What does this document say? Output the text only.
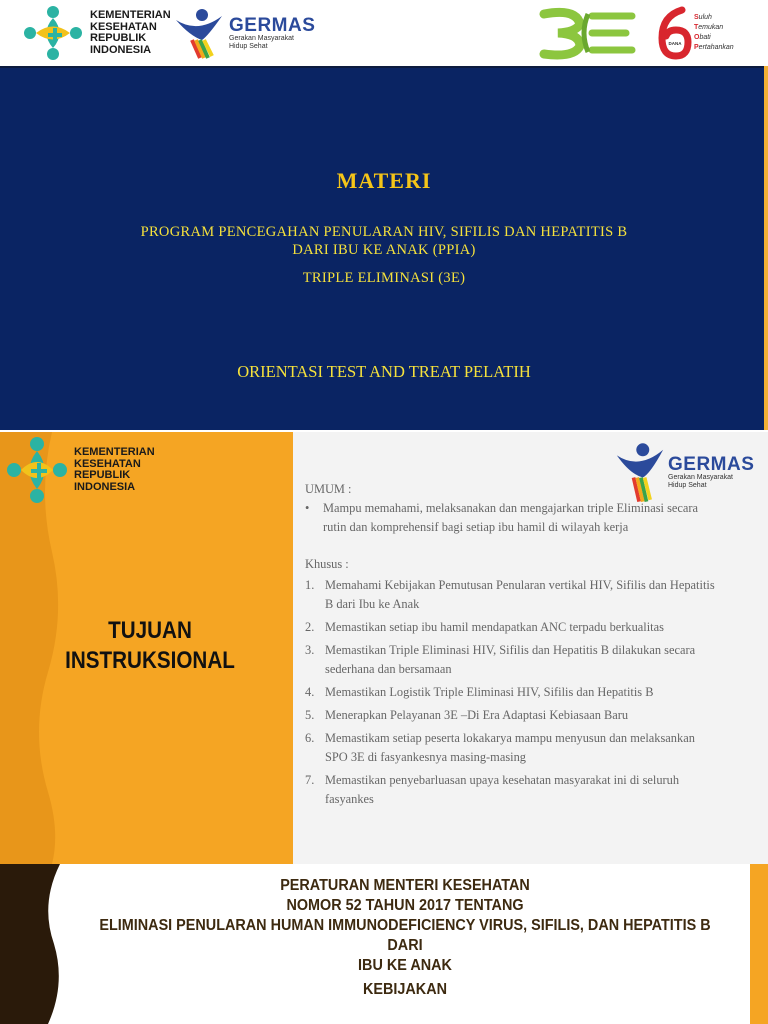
KEMENTERIAN
KESEHATAN
REPUBLIK
INDONESIA
GERMAS
Gerakan Masyarakat
Hidup Sehat	DANA
Suluh
Temukan
Obati
Pertahankan
MATERI
PROGRAM PENCEGAHAN PENULARAN HIV, SIFILIS DAN HEPATITIS B
DARI IBU KE ANAK (PPIA)
TRIPLE ELIMINASI (3E)
ORIENTASI TEST AND TREAT PELATIH
KEMENTERIAN
KESEHATAN
REPUBLIK
INDONESIA
TUJUAN
INSTRUKSIONAL
GERMAS
Gerakan Masyarakat
Hidup Sehat
UMUM :
•	Mampu memahami, melaksanakan dan mengajarkan triple Eliminasi secara rutin dan komprehensif bagi setiap ibu hamil di wilayah kerja
Khusus :
1. Memahami Kebijakan Pemutusan Penularan vertikal HIV, Sifilis dan Hepatitis B dari Ibu ke Anak
2. Memastikan setiap ibu hamil mendapatkan ANC terpadu berkualitas
3. Memastikan Triple Eliminasi HIV, Sifilis dan Hepatitis B dilakukan secara sederhana dan bersamaan
4. Memastikan Logistik Triple Eliminasi HIV, Sifilis dan Hepatitis B
5. Menerapkan Pelayanan 3E –Di Era Adaptasi Kebiasaan Baru
6. Memastikam setiap peserta lokakarya mampu menyusun dan melaksankan SPO 3E di fasyankesnya masing-masing
7. Memastikan penyebarluasan upaya kesehatan masyarakat ini di seluruh fasyankes
PERATURAN MENTERI KESEHATAN
NOMOR 52 TAHUN 2017 TENTANG
ELIMINASI PENULARAN HUMAN IMMUNODEFICIENCY VIRUS, SIFILIS, DAN HEPATITIS B DARI
IBU KE ANAK
KEBIJAKAN
